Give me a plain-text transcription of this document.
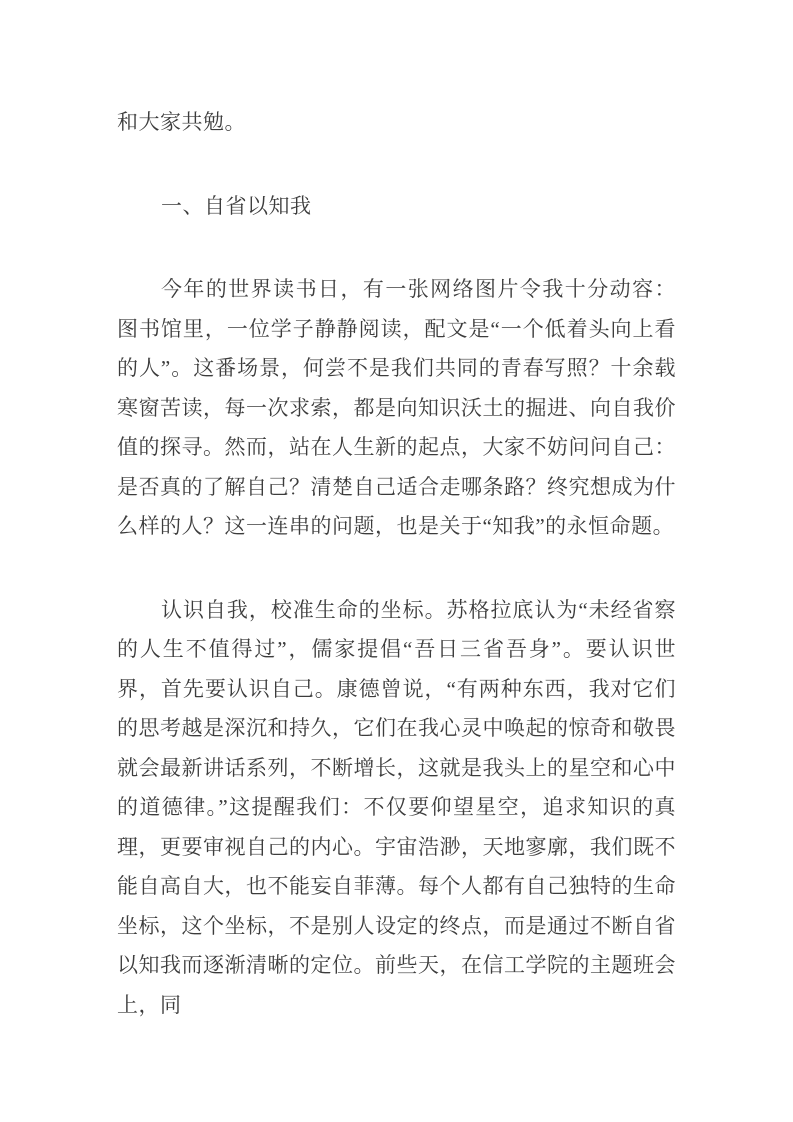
和大家共勉。

一、自省以知我

今年的世界读书日，有一张网络图片令我十分动容：图书馆里，一位学子静静阅读，配文是“一个低着头向上看的人”。这番场景，何尝不是我们共同的青春写照？十余载寒窗苦读，每一次求索，都是向知识沃土的掘进、向自我价值的探寻。然而，站在人生新的起点，大家不妨问问自己：是否真的了解自己？清楚自己适合走哪条路？终究想成为什么样的人？这一连串的问题，也是关于“知我”的永恒命题。

认识自我，校准生命的坐标。苏格拉底认为“未经省察的人生不值得过”，儒家提倡“吾日三省吾身”。要认识世界，首先要认识自己。康德曾说，“有两种东西，我对它们的思考越是深沉和持久，它们在我心灵中唤起的惊奇和敬畏就会最新讲话系列，不断增长，这就是我头上的星空和心中的道德律。”这提醒我们：不仅要仰望星空，追求知识的真理，更要审视自己的内心。宇宙浩渺，天地寥廓，我们既不能自高自大，也不能妄自菲薄。每个人都有自己独特的生命坐标，这个坐标，不是别人设定的终点，而是通过不断自省以知我而逐渐清晰的定位。前些天，在信工学院的主题班会上，同
